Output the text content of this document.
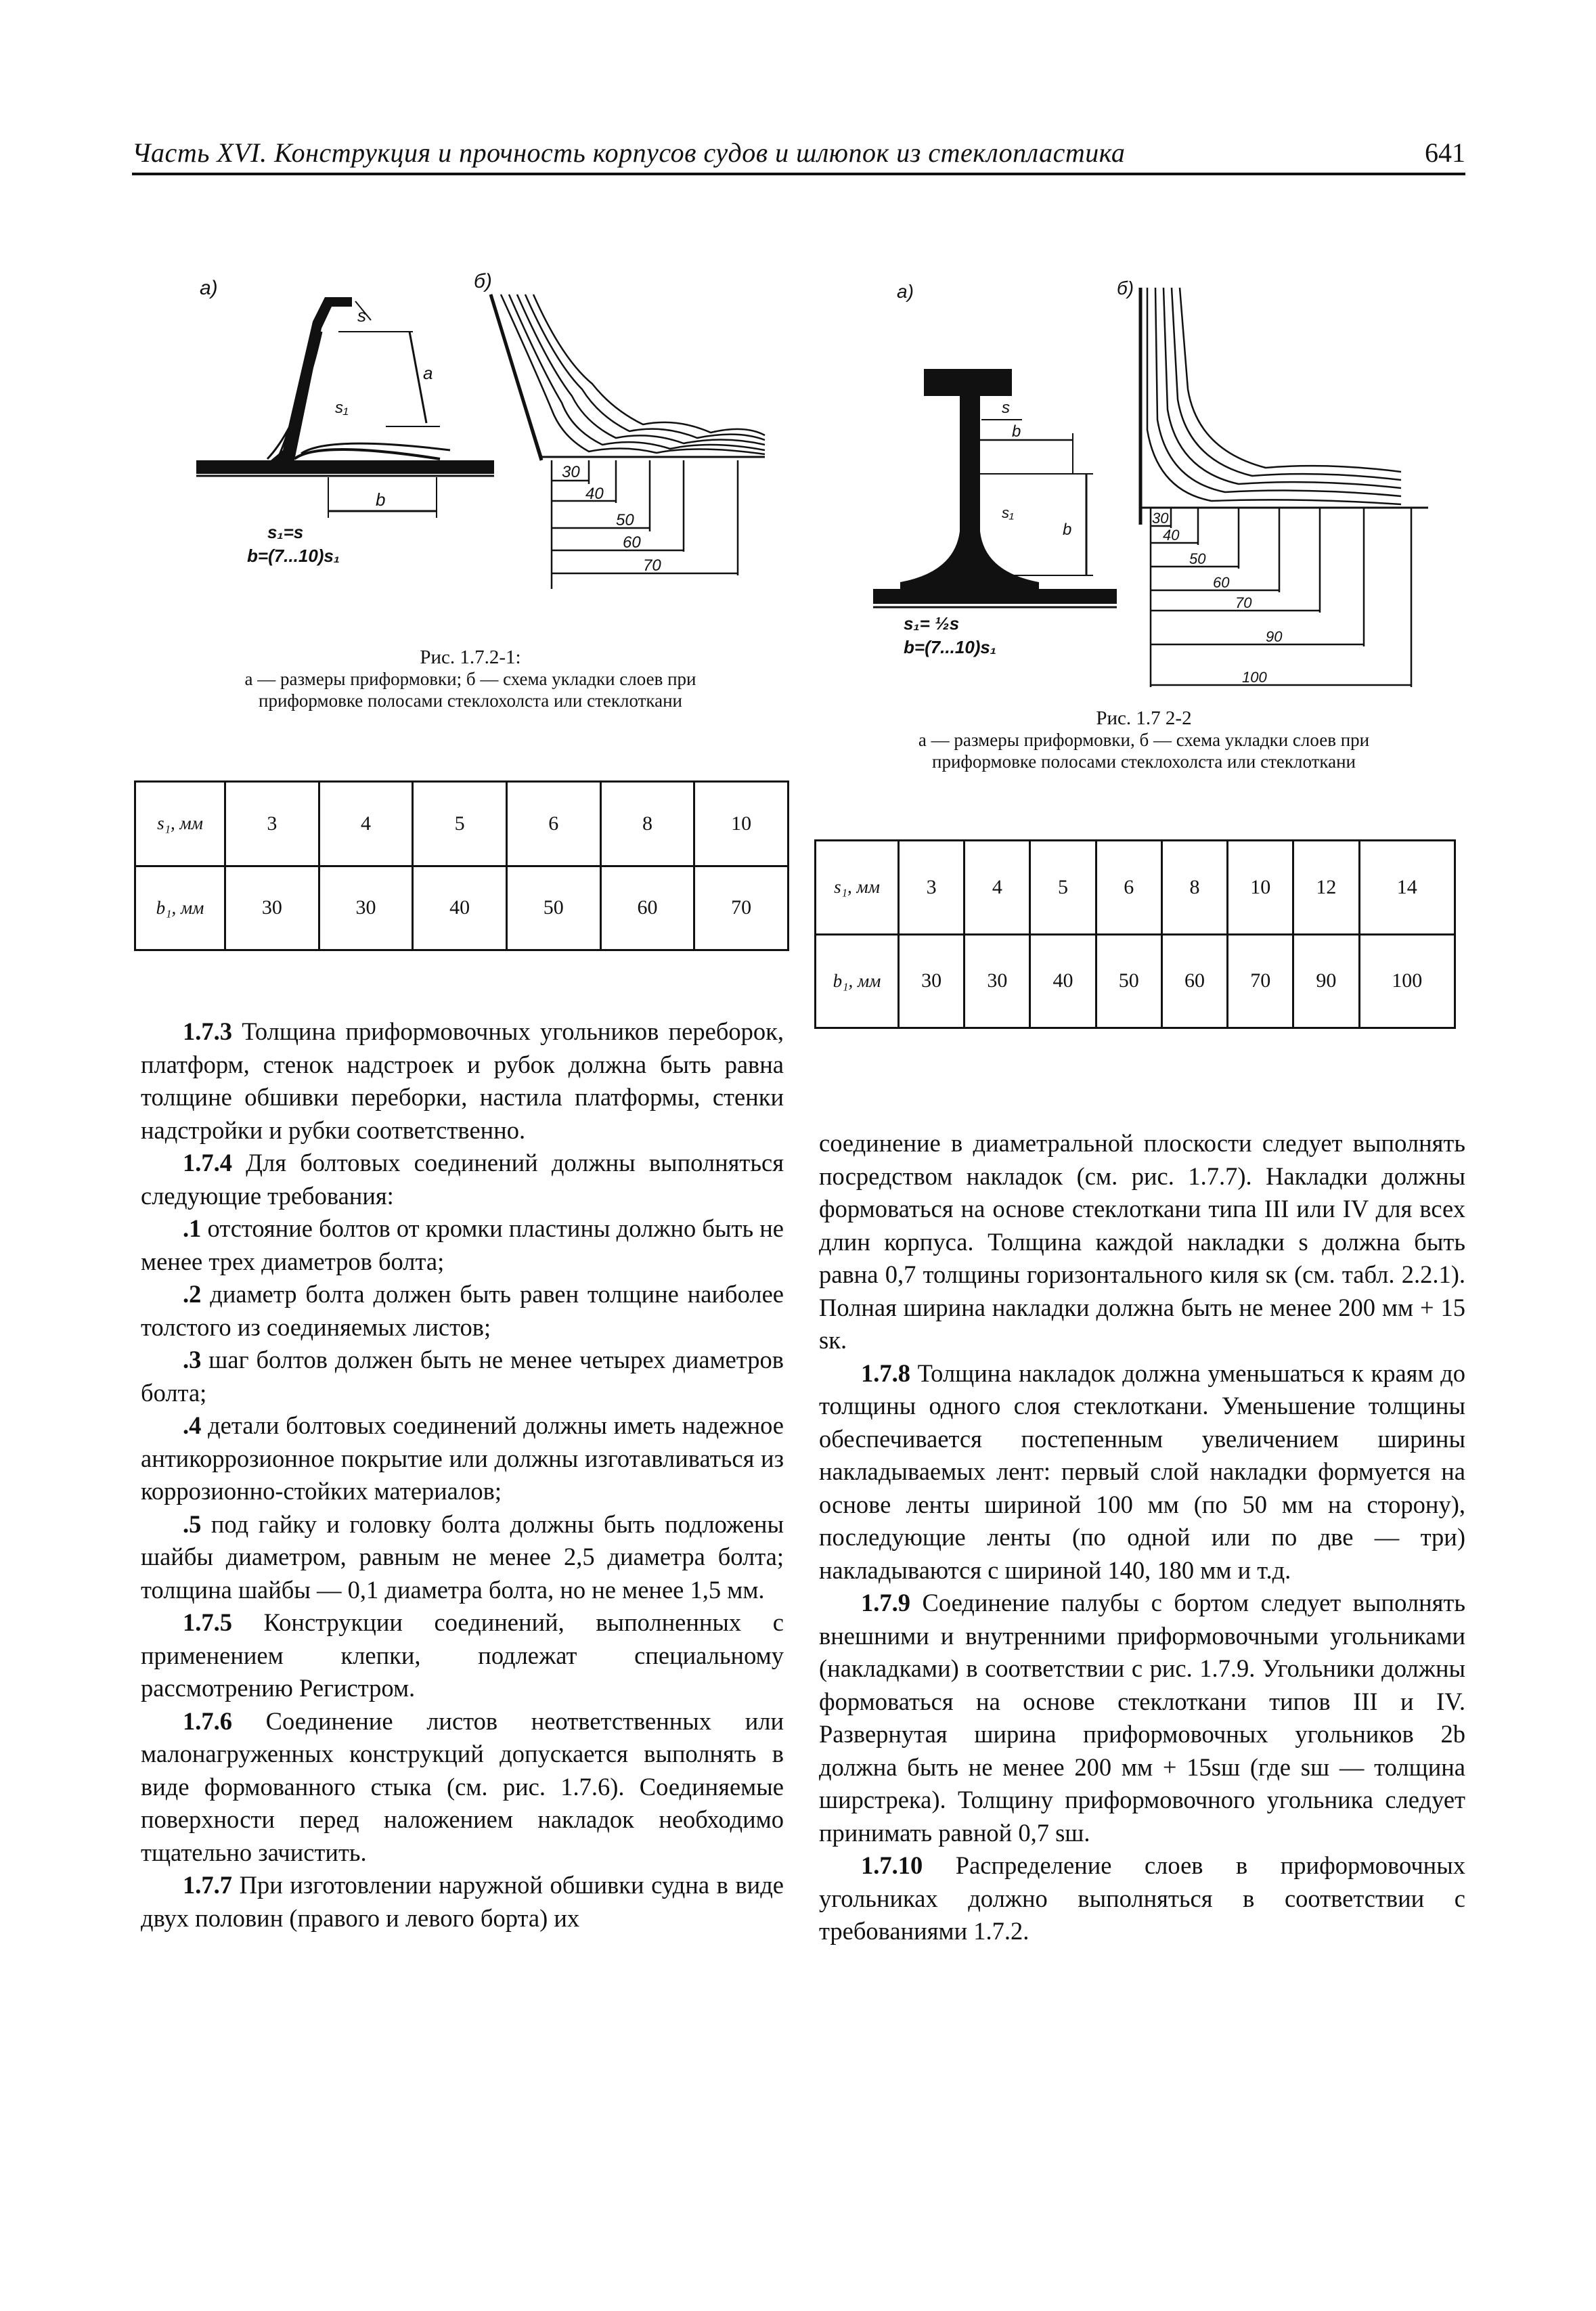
Часть XVI. Конструкция и прочность корпусов судов и шлюпок из стеклопластика	641
а)
s
s₁
a
b
s₁=s
b=(7...10)s₁
б)
30
40
50
60
70
Рис. 1.7.2-1:
а — размеры приформовки; б — схема укладки слоев при приформовке полосами стеклохолста или стеклоткани
s₁, мм	3	4	5	6	8	10
b₁, мм	30	30	40	50	60	70
а)
s
b
b
s₁
s₁= ½s
b=(7...10)s₁
б)
30
40
50
60
70
90
100
Рис. 1.7 2-2
а — размеры приформовки, б — схема укладки слоев при приформовке полосами стеклохолста или стеклоткани
s₁, мм	3	4	5	6	8	10	12	14
b₁, мм	30	30	40	50	60	70	90	100

1.7.3 Толщина приформовочных угольников переборок, платформ, стенок надстроек и рубок должна быть равна толщине обшивки переборки, настила платформы, стенки надстройки и рубки соответственно.

1.7.4 Для болтовых соединений должны выполняться следующие требования:

.1 отстояние болтов от кромки пластины должно быть не менее трех диаметров болта;

.2 диаметр болта должен быть равен толщине наиболее толстого из соединяемых листов;

.3 шаг болтов должен быть не менее четырех диаметров болта;

.4 детали болтовых соединений должны иметь надежное антикоррозионное покрытие или должны изготавливаться из коррозионно-стойких материалов;

.5 под гайку и головку болта должны быть подложены шайбы диаметром, равным не менее 2,5 диаметра болта; толщина шайбы — 0,1 диаметра болта, но не менее 1,5 мм.

1.7.5 Конструкции соединений, выполненных с применением клепки, подлежат специальному рассмотрению Регистром.

1.7.6 Соединение листов неответственных или малонагруженных конструкций допускается выполнять в виде формованного стыка (см. рис. 1.7.6). Соединяемые поверхности перед наложением накладок необходимо тщательно зачистить.

1.7.7 При изготовлении наружной обшивки судна в виде двух половин (правого и левого борта) их

соединение в диаметральной плоскости следует выполнять посредством накладок (см. рис. 1.7.7). Накладки должны формоваться на основе стеклоткани типа III или IV для всех длин корпуса. Толщина каждой накладки s должна быть равна 0,7 толщины горизонтального киля sк (см. табл. 2.2.1). Полная ширина накладки должна быть не менее 200 мм + 15 sк.

1.7.8 Толщина накладок должна уменьшаться к краям до толщины одного слоя стеклоткани. Уменьшение толщины обеспечивается постепенным увеличением ширины накладываемых лент: первый слой накладки формуется на основе ленты шириной 100 мм (по 50 мм на сторону), последующие ленты (по одной или по две — три) накладываются с шириной 140, 180 мм и т.д.

1.7.9 Соединение палубы с бортом следует выполнять внешними и внутренними приформовочными угольниками (накладками) в соответствии с рис. 1.7.9. Угольники должны формоваться на основе стеклоткани типов III и IV. Развернутая ширина приформовочных угольников 2b должна быть не менее 200 мм + 15sш (где sш — толщина ширстрека). Толщину приформовочного угольника следует принимать равной 0,7 sш.

1.7.10 Распределение слоев в приформовочных угольниках должно выполняться в соответствии с требованиями 1.7.2.
